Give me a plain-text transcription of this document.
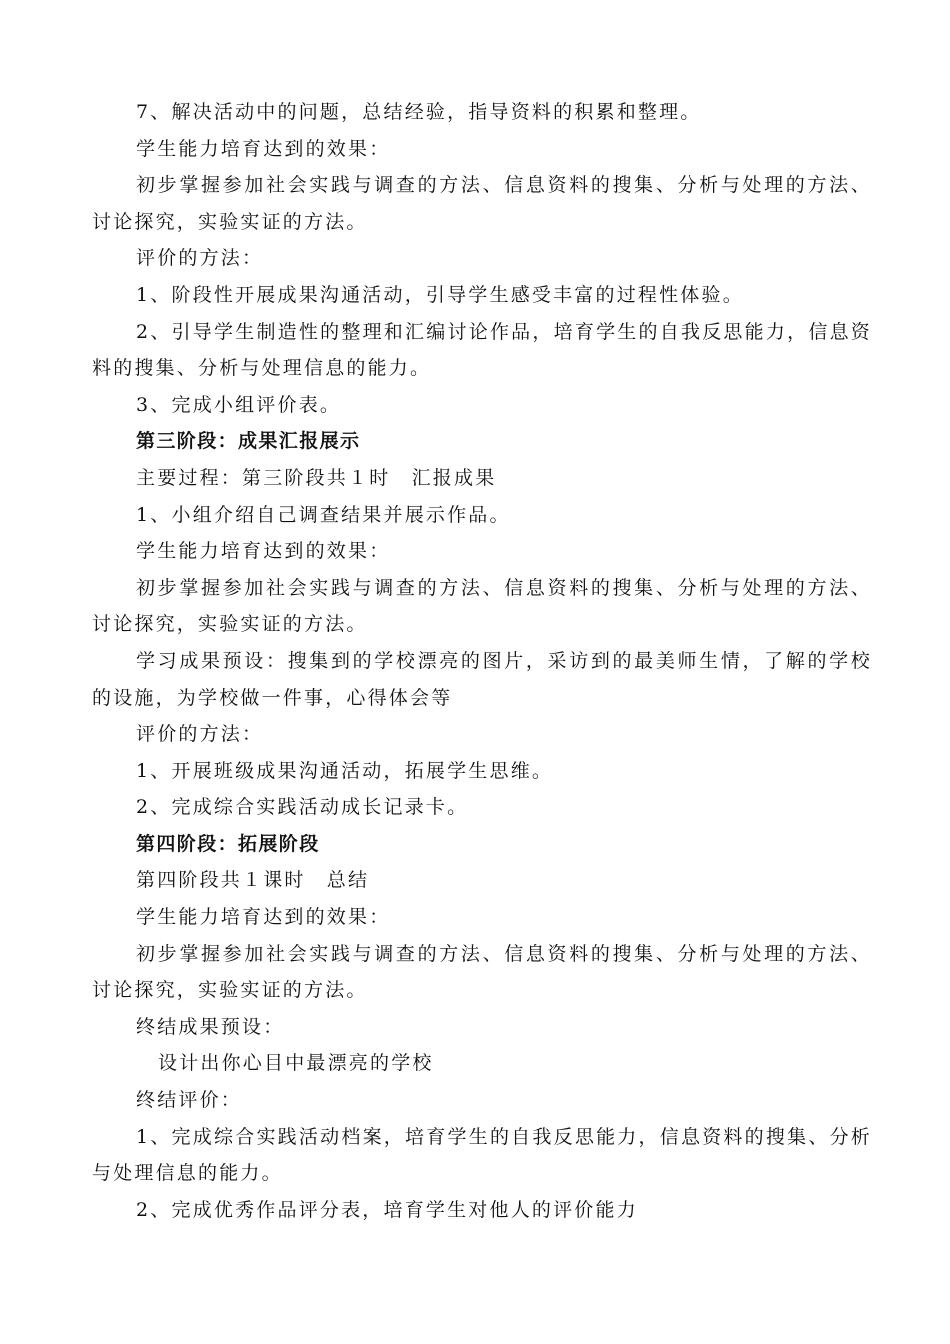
7、解决活动中的问题，总结经验，指导资料的积累和整理。

学生能力培育达到的效果：

初步掌握参加社会实践与调查的方法、信息资料的搜集、分析与处理的方法、讨论探究，实验实证的方法。

评价的方法：

1、阶段性开展成果沟通活动，引导学生感受丰富的过程性体验。

2、引导学生制造性的整理和汇编讨论作品，培育学生的自我反思能力，信息资料的搜集、分析与处理信息的能力。

3、完成小组评价表。

第三阶段：成果汇报展示

主要过程：第三阶段共１时　汇报成果

1、小组介绍自己调查结果并展示作品。

学生能力培育达到的效果：

初步掌握参加社会实践与调查的方法、信息资料的搜集、分析与处理的方法、讨论探究，实验实证的方法。

学习成果预设：搜集到的学校漂亮的图片，采访到的最美师生情，了解的学校的设施，为学校做一件事，心得体会等

评价的方法：

1、开展班级成果沟通活动，拓展学生思维。

2、完成综合实践活动成长记录卡。

第四阶段：拓展阶段

第四阶段共１课时　总结

学生能力培育达到的效果：

初步掌握参加社会实践与调查的方法、信息资料的搜集、分析与处理的方法、讨论探究，实验实证的方法。

终结成果预设：

设计出你心目中最漂亮的学校

终结评价：

1、完成综合实践活动档案，培育学生的自我反思能力，信息资料的搜集、分析与处理信息的能力。

2、完成优秀作品评分表，培育学生对他人的评价能力
